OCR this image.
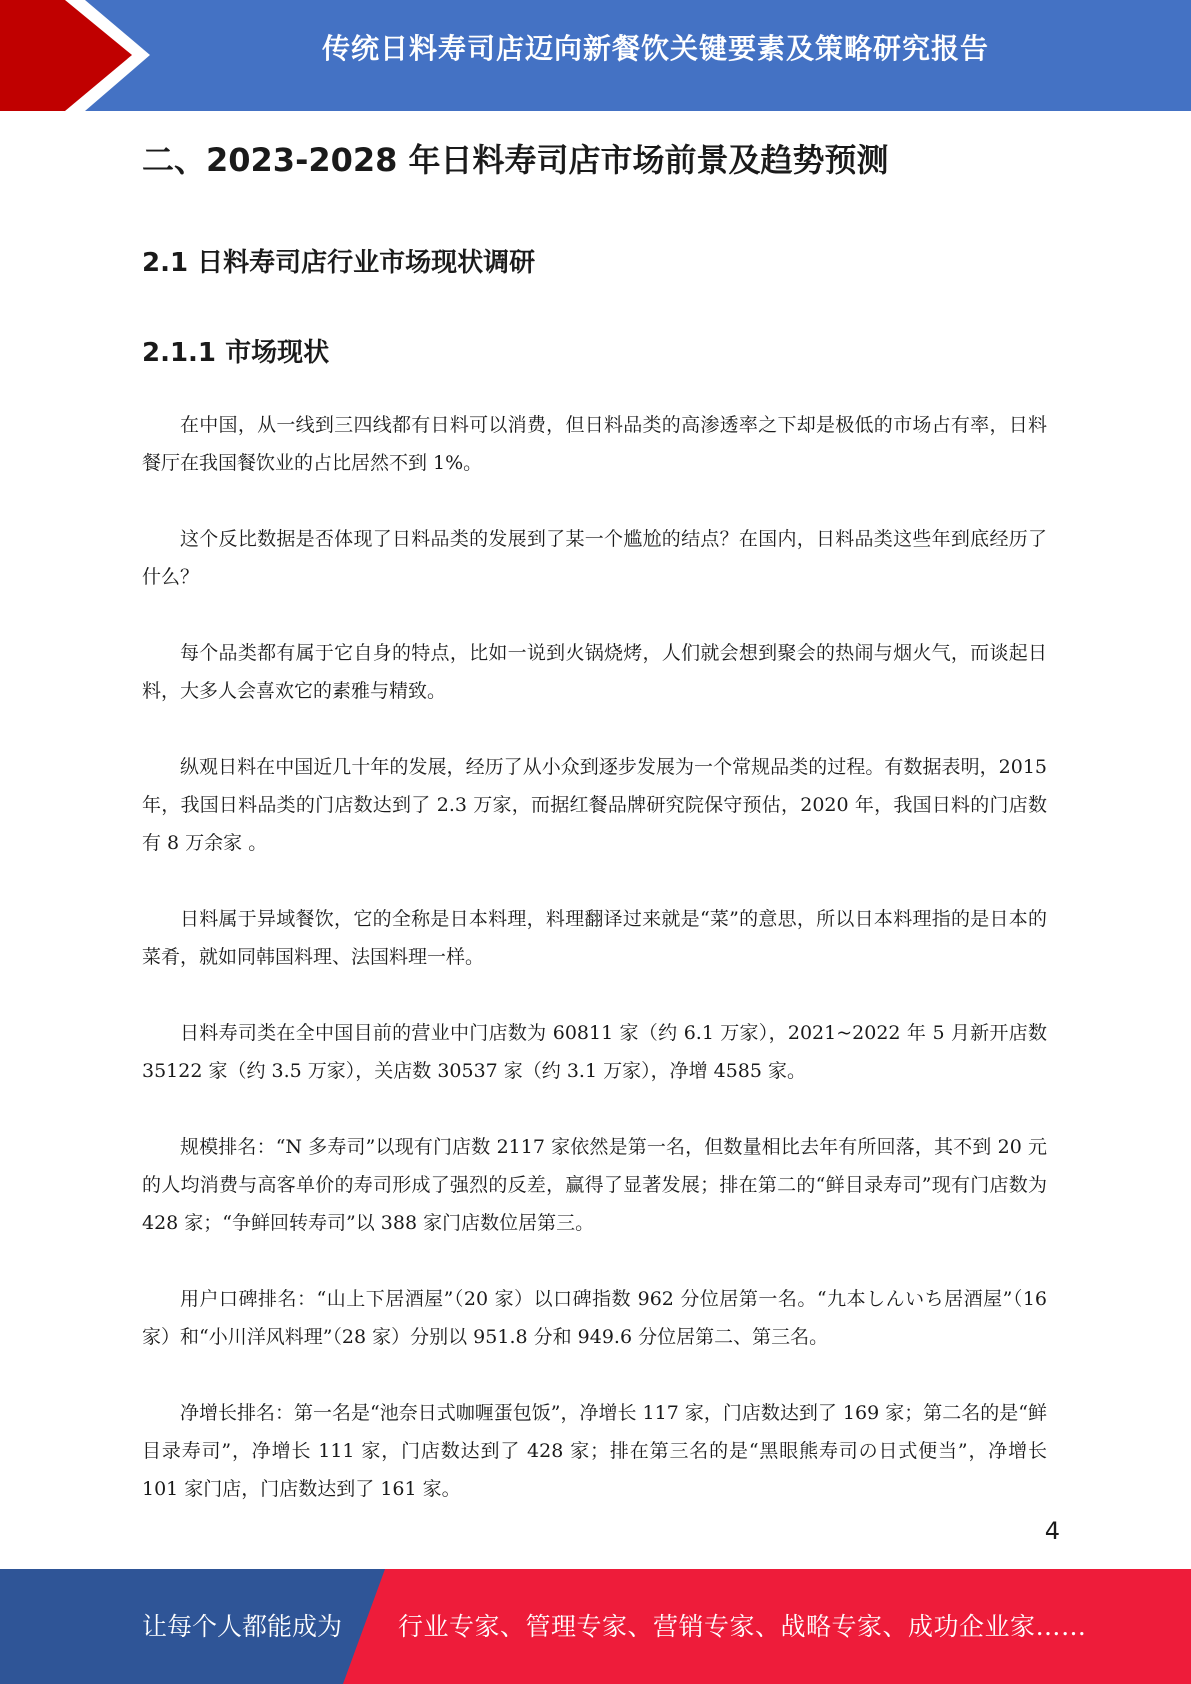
传统日料寿司店迈向新餐饮关键要素及策略研究报告
二、2023-2028 年日料寿司店市场前景及趋势预测
2.1 日料寿司店行业市场现状调研
2.1.1 市场现状

在中国，从一线到三四线都有日料可以消费，但日料品类的高渗透率之下却是极低的市场占有率，日料餐厅在我国餐饮业的占比居然不到 1%。

这个反比数据是否体现了日料品类的发展到了某一个尴尬的结点？在国内，日料品类这些年到底经历了什么？

每个品类都有属于它自身的特点，比如一说到火锅烧烤，人们就会想到聚会的热闹与烟火气，而谈起日料，大多人会喜欢它的素雅与精致。

纵观日料在中国近几十年的发展，经历了从小众到逐步发展为一个常规品类的过程。有数据表明，2015 年，我国日料品类的门店数达到了 2.3 万家，而据红餐品牌研究院保守预估，2020 年，我国日料的门店数有 8 万余家 。

日料属于异域餐饮，它的全称是日本料理，料理翻译过来就是“菜”的意思，所以日本料理指的是日本的菜肴，就如同韩国料理、法国料理一样。

日料寿司类在全中国目前的营业中门店数为 60811 家（约 6.1 万家），2021~2022 年 5 月新开店数 35122 家（约 3.5 万家），关店数 30537 家（约 3.1 万家），净增 4585 家。

规模排名：“N 多寿司”以现有门店数 2117 家依然是第一名，但数量相比去年有所回落，其不到 20 元的人均消费与高客单价的寿司形成了强烈的反差，赢得了显著发展；排在第二的“鲜目录寿司”现有门店数为 428 家；“争鲜回转寿司”以 388 家门店数位居第三。

用户口碑排名：“山上下居酒屋”（20 家）以口碑指数 962 分位居第一名。“九本しんいち居酒屋”（16 家）和“小川洋风料理”（28 家）分别以 951.8 分和 949.6 分位居第二、第三名。

净增长排名：第一名是“池奈日式咖喱蛋包饭”，净增长 117 家，门店数达到了 169 家；第二名的是“鲜目录寿司”，净增长 111 家，门店数达到了 428 家；排在第三名的是“黑眼熊寿司の日式便当”，净增长 101 家门店，门店数达到了 161 家。

4
让每个人都能成为 行业专家、管理专家、营销专家、战略专家、成功企业家……
